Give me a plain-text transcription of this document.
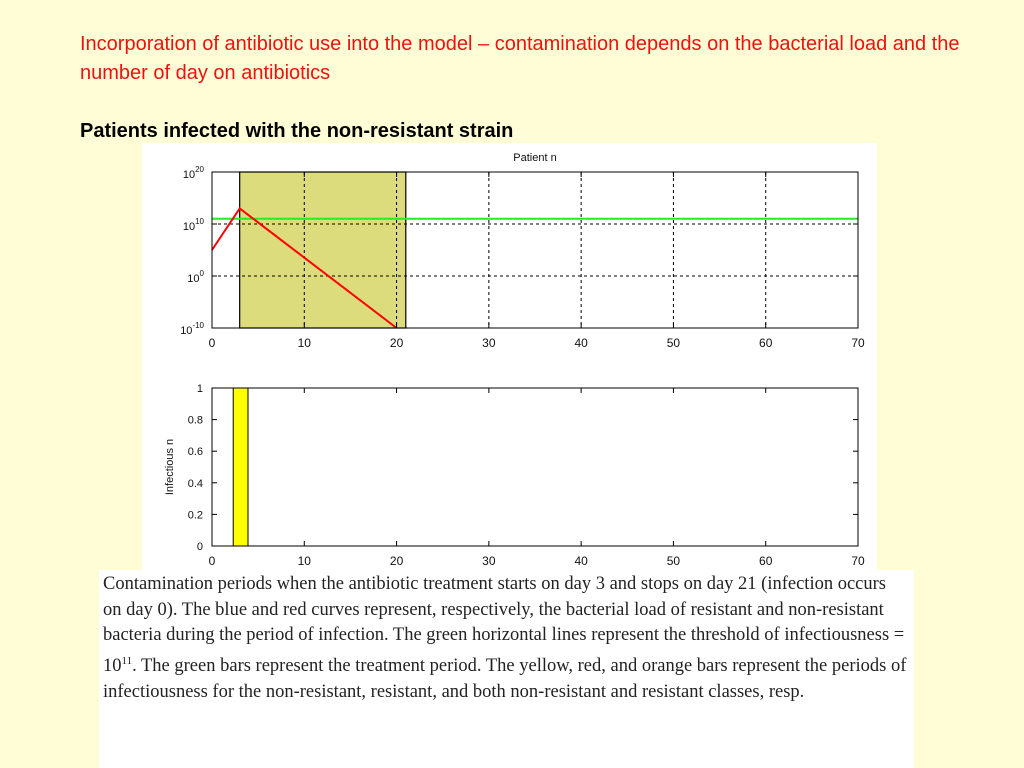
Incorporation of antibiotic use into the model – contamination depends on the bacterial load and the number of day on antibiotics
Patients infected with the non-resistant strain
Patient n
0	10	20	30	40	50	60	70
$10^{20}$
$10^{10}$
$10^0$
$10^{-10}$
0	10	20	30	40	50	60	70
0
0.2
0.4
0.6
0.8
1
Infectious n
Contamination periods when the antibiotic treatment starts on day 3 and stops on day 21 (infection occurs on day 0). The blue and red curves represent, respectively, the bacterial load of resistant and non-resistant bacteria during the period of infection. The green horizontal lines represent the threshold of infectiousness = $10^{11}$. The green bars represent the treatment period. The yellow, red, and orange bars represent the periods of infectiousness for the non-resistant, resistant, and both non-resistant and resistant classes, resp.
